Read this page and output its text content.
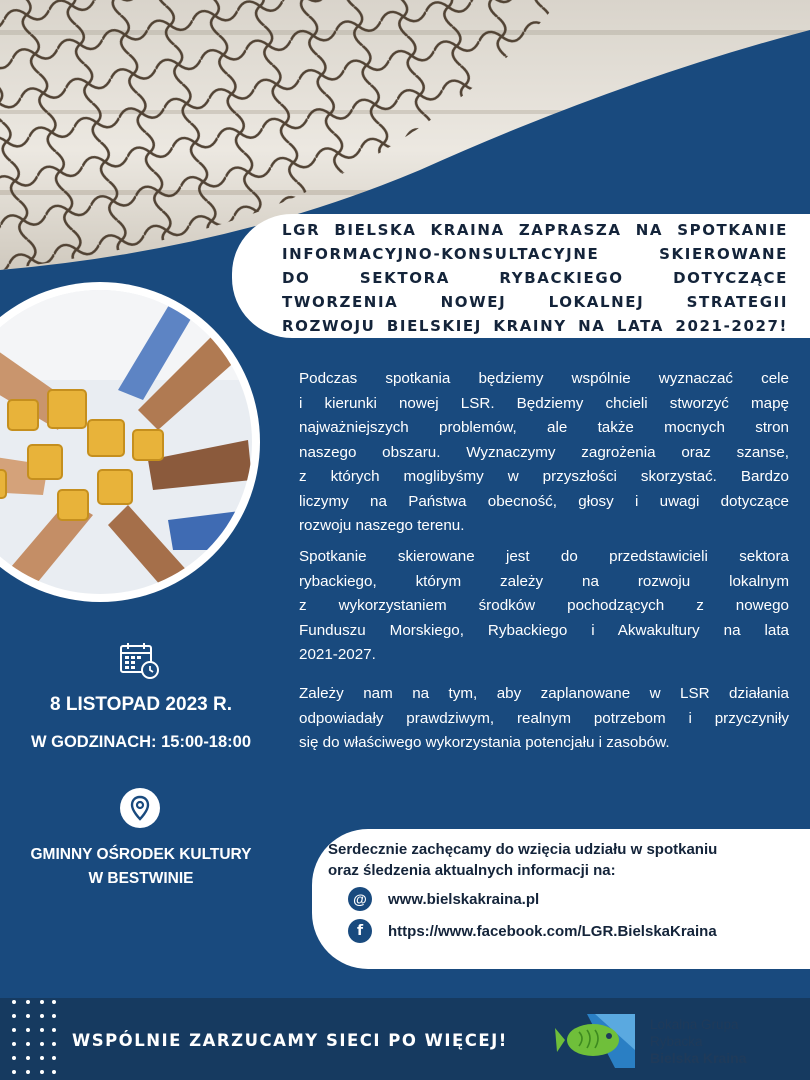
LGR BIELSKA KRAINA ZAPRASZA NA SPOTKANIE
INFORMACYJNO-KONSULTACYJNE SKIEROWANE
DO SEKTORA RYBACKIEGO DOTYCZĄCE
TWORZENIA NOWEJ LOKALNEJ STRATEGII
ROZWOJU BIELSKIEJ KRAINY NA LATA 2021-2027!
Podczas spotkania będziemy wspólnie wyznaczać cele
i kierunki nowej LSR. Będziemy chcieli stworzyć mapę
najważniejszych problemów, ale także mocnych stron
naszego obszaru. Wyznaczymy zagrożenia oraz szanse,
z których moglibyśmy w przyszłości skorzystać. Bardzo
liczymy na Państwa obecność, głosy i uwagi dotyczące
rozwoju naszego terenu.
Spotkanie skierowane jest do przedstawicieli sektora
rybackiego, którym zależy na rozwoju lokalnym
z wykorzystaniem środków pochodzących z nowego
Funduszu Morskiego, Rybackiego i Akwakultury na lata
2021-2027.
Zależy nam na tym, aby zaplanowane w LSR działania
odpowiadały prawdziwym, realnym potrzebom i przyczyniły
się do właściwego wykorzystania potencjału i zasobów.
8 LISTOPAD 2023 R.
W GODZINACH: 15:00-18:00
GMINNY OŚRODEK KULTURY
W BESTWINIE
Serdecznie zachęcamy do wzięcia udziału w spotkaniu
oraz śledzenia aktualnych informacji na:
@	www.bielskakraina.pl
f	https://www.facebook.com/LGR.BielskaKraina
WSPÓLNIE ZARZUCAMY SIECI PO WIĘCEJ!
Lokalna Grupa
Rybacka
Bielska Kraina
